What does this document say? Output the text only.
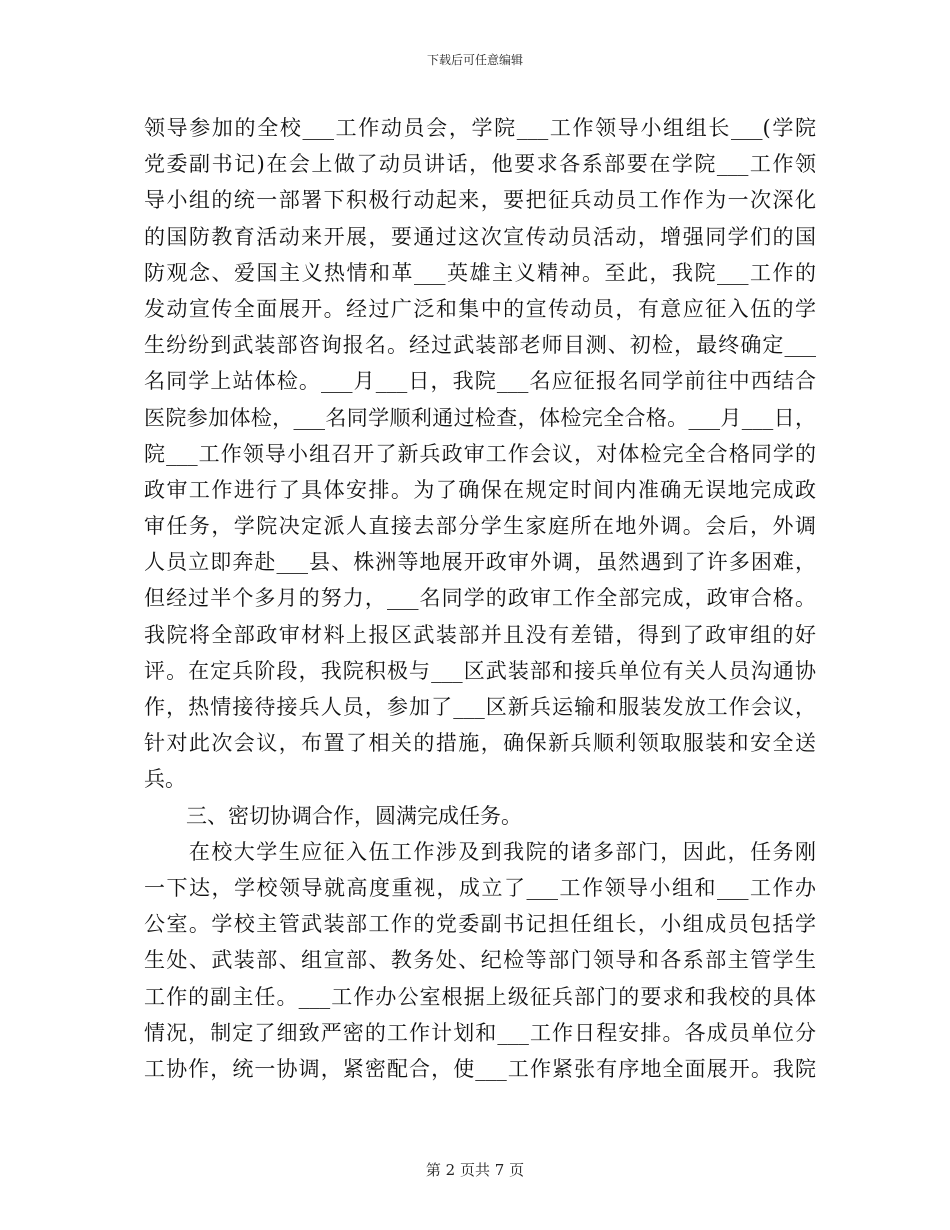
下载后可任意编辑
领导参加的全校___工作动员会，学院___工作领导小组组长___(学院
党委副书记)在会上做了动员讲话，他要求各系部要在学院___工作领
导小组的统一部署下积极行动起来，要把征兵动员工作作为一次深化
的国防教育活动来开展，要通过这次宣传动员活动，增强同学们的国
防观念、爱国主义热情和革___英雄主义精神。至此，我院___工作的
发动宣传全面展开。经过广泛和集中的宣传动员，有意应征入伍的学
生纷纷到武装部咨询报名。经过武装部老师目测、初检，最终确定___
名同学上站体检。___月___日，我院___名应征报名同学前往中西结合
医院参加体检，___名同学顺利通过检查，体检完全合格。___月___日，
院___工作领导小组召开了新兵政审工作会议，对体检完全合格同学的
政审工作进行了具体安排。为了确保在规定时间内准确无误地完成政
审任务，学院决定派人直接去部分学生家庭所在地外调。会后，外调
人员立即奔赴___县、株洲等地展开政审外调，虽然遇到了许多困难，
但经过半个多月的努力，___名同学的政审工作全部完成，政审合格。
我院将全部政审材料上报区武装部并且没有差错，得到了政审组的好
评。在定兵阶段，我院积极与___区武装部和接兵单位有关人员沟通协
作，热情接待接兵人员，参加了___区新兵运输和服装发放工作会议，
针对此次会议，布置了相关的措施，确保新兵顺利领取服装和安全送
兵。
　　三、密切协调合作，圆满完成任务。
　　在校大学生应征入伍工作涉及到我院的诸多部门，因此，任务刚
一下达，学校领导就高度重视，成立了___工作领导小组和___工作办
公室。学校主管武装部工作的党委副书记担任组长，小组成员包括学
生处、武装部、组宣部、教务处、纪检等部门领导和各系部主管学生
工作的副主任。___工作办公室根据上级征兵部门的要求和我校的具体
情况，制定了细致严密的工作计划和___工作日程安排。各成员单位分
工协作，统一协调，紧密配合，使___工作紧张有序地全面展开。我院
第 2 页共 7 页
